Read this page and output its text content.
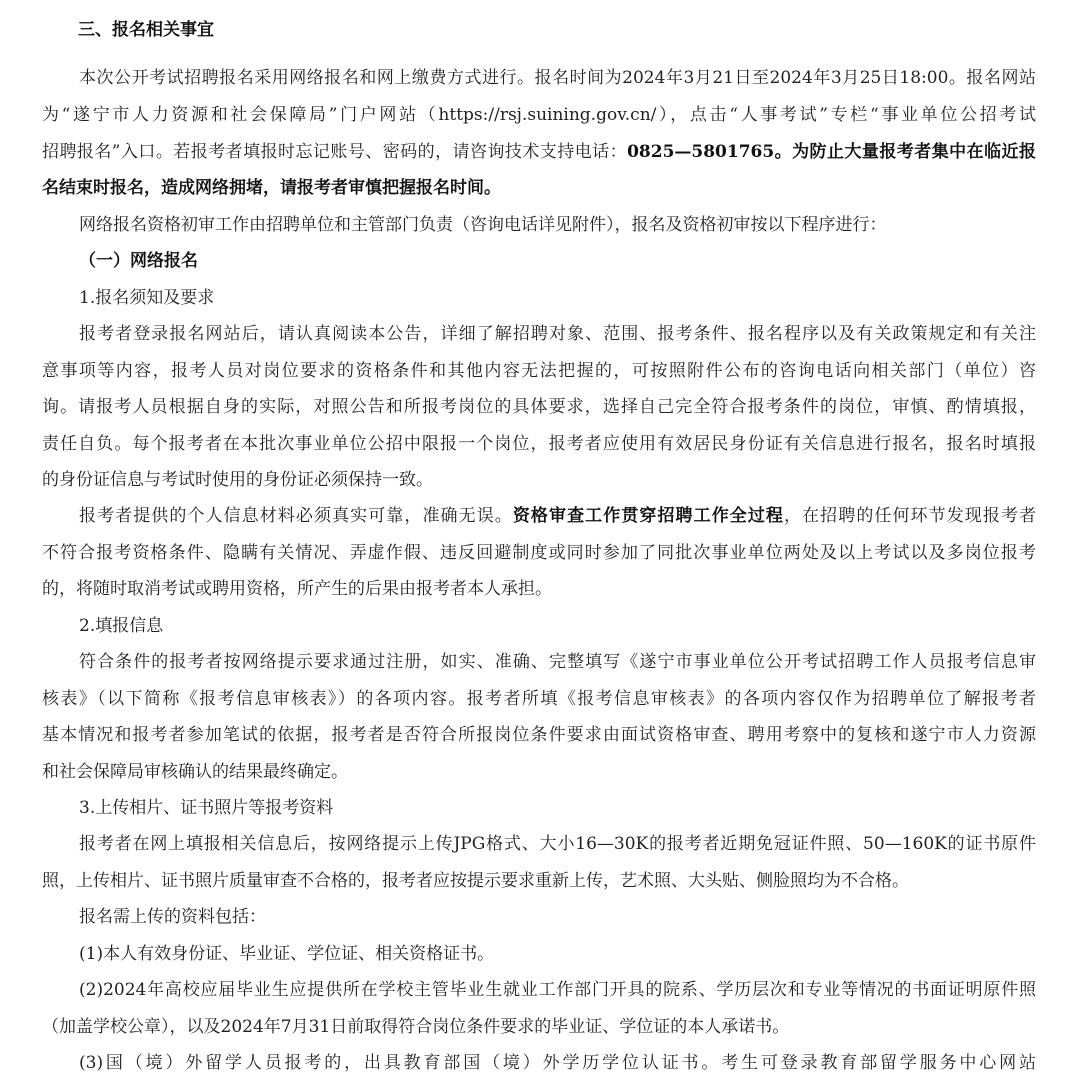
三、报名相关事宜
本次公开考试招聘报名采用网络报名和网上缴费方式进行。报名时间为2024年3月21日至2024年3月25日18:00。报名网站
为“遂宁市人力资源和社会保障局”门户网站（https://rsj.suining.gov.cn/），点击“人事考试”专栏“事业单位公招考试
招聘报名”入口。若报考者填报时忘记账号、密码的，请咨询技术支持电话：0825—5801765。为防止大量报考者集中在临近报
名结束时报名，造成网络拥堵，请报考者审慎把握报名时间。
网络报名资格初审工作由招聘单位和主管部门负责（咨询电话详见附件），报名及资格初审按以下程序进行：
（一）网络报名
1.报名须知及要求
报考者登录报名网站后，请认真阅读本公告，详细了解招聘对象、范围、报考条件、报名程序以及有关政策规定和有关注
意事项等内容，报考人员对岗位要求的资格条件和其他内容无法把握的，可按照附件公布的咨询电话向相关部门（单位）咨
询。请报考人员根据自身的实际，对照公告和所报考岗位的具体要求，选择自己完全符合报考条件的岗位，审慎、酌情填报，
责任自负。每个报考者在本批次事业单位公招中限报一个岗位，报考者应使用有效居民身份证有关信息进行报名，报名时填报
的身份证信息与考试时使用的身份证必须保持一致。
报考者提供的个人信息材料必须真实可靠，准确无误。资格审查工作贯穿招聘工作全过程，在招聘的任何环节发现报考者
不符合报考资格条件、隐瞒有关情况、弄虚作假、违反回避制度或同时参加了同批次事业单位两处及以上考试以及多岗位报考
的，将随时取消考试或聘用资格，所产生的后果由报考者本人承担。
2.填报信息
符合条件的报考者按网络提示要求通过注册，如实、准确、完整填写《遂宁市事业单位公开考试招聘工作人员报考信息审
核表》（以下简称《报考信息审核表》）的各项内容。报考者所填《报考信息审核表》的各项内容仅作为招聘单位了解报考者
基本情况和报考者参加笔试的依据，报考者是否符合所报岗位条件要求由面试资格审查、聘用考察中的复核和遂宁市人力资源
和社会保障局审核确认的结果最终确定。
3.上传相片、证书照片等报考资料
报考者在网上填报相关信息后，按网络提示上传JPG格式、大小16—30K的报考者近期免冠证件照、50—160K的证书原件
照，上传相片、证书照片质量审查不合格的，报考者应按提示要求重新上传，艺术照、大头贴、侧脸照均为不合格。
报名需上传的资料包括：
(1)本人有效身份证、毕业证、学位证、相关资格证书。
(2)2024年高校应届毕业生应提供所在学校主管毕业生就业工作部门开具的院系、学历层次和专业等情况的书面证明原件照
（加盖学校公章），以及2024年7月31日前取得符合岗位条件要求的毕业证、学位证的本人承诺书。
(3)国（境）外留学人员报考的，出具教育部国（境）外学历学位认证书。考生可登录教育部留学服务中心网站
